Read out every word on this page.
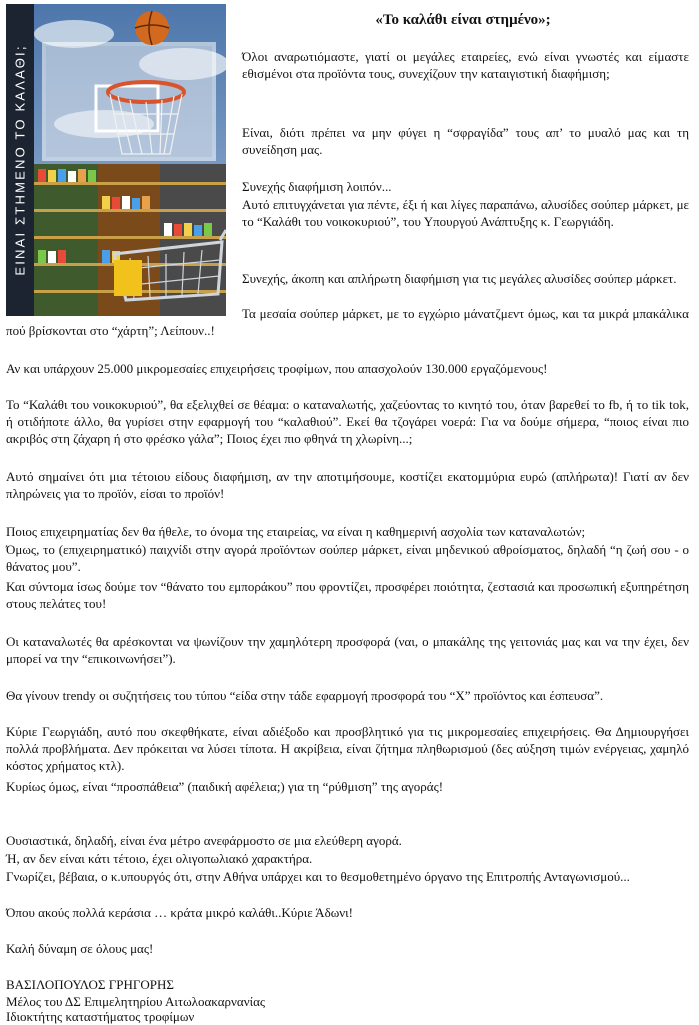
ΕΙΝΑΙ ΣΤΗΜΕΝΟ ΤΟ ΚΑΛΑΘΙ;
«Το καλάθι είναι στημένο»;

Όλοι αναρωτιόμαστε, γιατί οι μεγάλες εταιρείες, ενώ είναι γνωστές και είμαστε εθισμένοι στα προϊόντα τους, συνεχίζουν την καταιγιστική διαφήμιση;

Είναι, διότι πρέπει να μην φύγει η “σφραγίδα” τους απ’ το μυαλό μας και τη συνείδηση μας.

Συνεχής διαφήμιση λοιπόν...

Αυτό επιτυγχάνεται για πέντε, έξι ή και λίγες παραπάνω, αλυσίδες σούπερ μάρκετ, με το “Καλάθι του νοικοκυριού”, του Υπουργού Ανάπτυξης κ. Γεωργιάδη.

Συνεχής, άκοπη και απλήρωτη διαφήμιση για τις μεγάλες αλυσίδες σούπερ μάρκετ.

Τα μεσαία σούπερ μάρκετ, με το εγχώριο μάνατζμεντ όμως, και τα μικρά μπακάλικα πού βρίσκονται στο “χάρτη”; Λείπουν..!

Αν και υπάρχουν 25.000 μικρομεσαίες επιχειρήσεις τροφίμων, που απασχολούν 130.000 εργαζόμενους!

Το “Καλάθι του νοικοκυριού”, θα εξελιχθεί σε θέαμα: ο καταναλωτής, χαζεύοντας το κινητό του, όταν βαρεθεί το fb, ή το tik tok, ή οτιδήποτε άλλο, θα γυρίσει στην εφαρμογή του “καλαθιού”. Εκεί θα τζογάρει νοερά: Για να δούμε σήμερα, “ποιος είναι πιο ακριβός στη ζάχαρη ή στο φρέσκο γάλα”; Ποιος έχει πιο φθηνά τη χλωρίνη...;

Αυτό σημαίνει ότι μια τέτοιου είδους διαφήμιση, αν την αποτιμήσουμε, κοστίζει εκατομμύρια ευρώ (απλήρωτα)! Γιατί αν δεν πληρώνεις για το προϊόν, είσαι το προϊόν!

Ποιος επιχειρηματίας δεν θα ήθελε, το όνομα της εταιρείας, να είναι η καθημερινή ασχολία των καταναλωτών;

Όμως, το (επιχειρηματικό) παιχνίδι στην αγορά προϊόντων σούπερ μάρκετ, είναι μηδενικού αθροίσματος, δηλαδή “η ζωή σου - ο θάνατος μου”.

Και σύντομα ίσως δούμε τον “θάνατο του εμποράκου” που φροντίζει, προσφέρει ποιότητα, ζεστασιά και προσωπική εξυπηρέτηση στους πελάτες του!

Οι καταναλωτές θα αρέσκονται να ψωνίζουν την χαμηλότερη προσφορά (ναι, ο μπακάλης της γειτονιάς μας και να την έχει, δεν μπορεί να την “επικοινωνήσει”).

Θα γίνουν trendy οι συζητήσεις του τύπου “είδα στην τάδε εφαρμογή προσφορά του “Χ” προϊόντος και έσπευσα”.

Κύριε Γεωργιάδη, αυτό που σκεφθήκατε, είναι αδιέξοδο και προσβλητικό για τις μικρομεσαίες επιχειρήσεις. Θα Δημιουργήσει πολλά προβλήματα. Δεν πρόκειται να λύσει τίποτα. Η ακρίβεια, είναι ζήτημα πληθωρισμού (δες αύξηση τιμών ενέργειας, χαμηλό κόστος χρήματος κτλ).

Κυρίως όμως, είναι “προσπάθεια” (παιδική αφέλεια;) για τη “ρύθμιση” της αγοράς!

Ουσιαστικά, δηλαδή, είναι ένα μέτρο ανεφάρμοστο σε μια ελεύθερη αγορά.

Ή, αν δεν είναι κάτι τέτοιο, έχει ολιγοπωλιακό χαρακτήρα.

Γνωρίζει, βέβαια, ο κ.υπουργός ότι, στην Αθήνα υπάρχει και το θεσμοθετημένο όργανο της Επιτροπής Ανταγωνισμού...

Όπου ακούς πολλά κεράσια … κράτα μικρό καλάθι..Κύριε Άδωνι!

Καλή δύναμη σε όλους μας!

ΒΑΣΙΛΟΠΟΥΛΟΣ ΓΡΗΓΟΡΗΣ

Μέλος του ΔΣ Επιμελητηρίου Αιτωλοακαρνανίας

Ιδιοκτήτης καταστήματος τροφίμων
